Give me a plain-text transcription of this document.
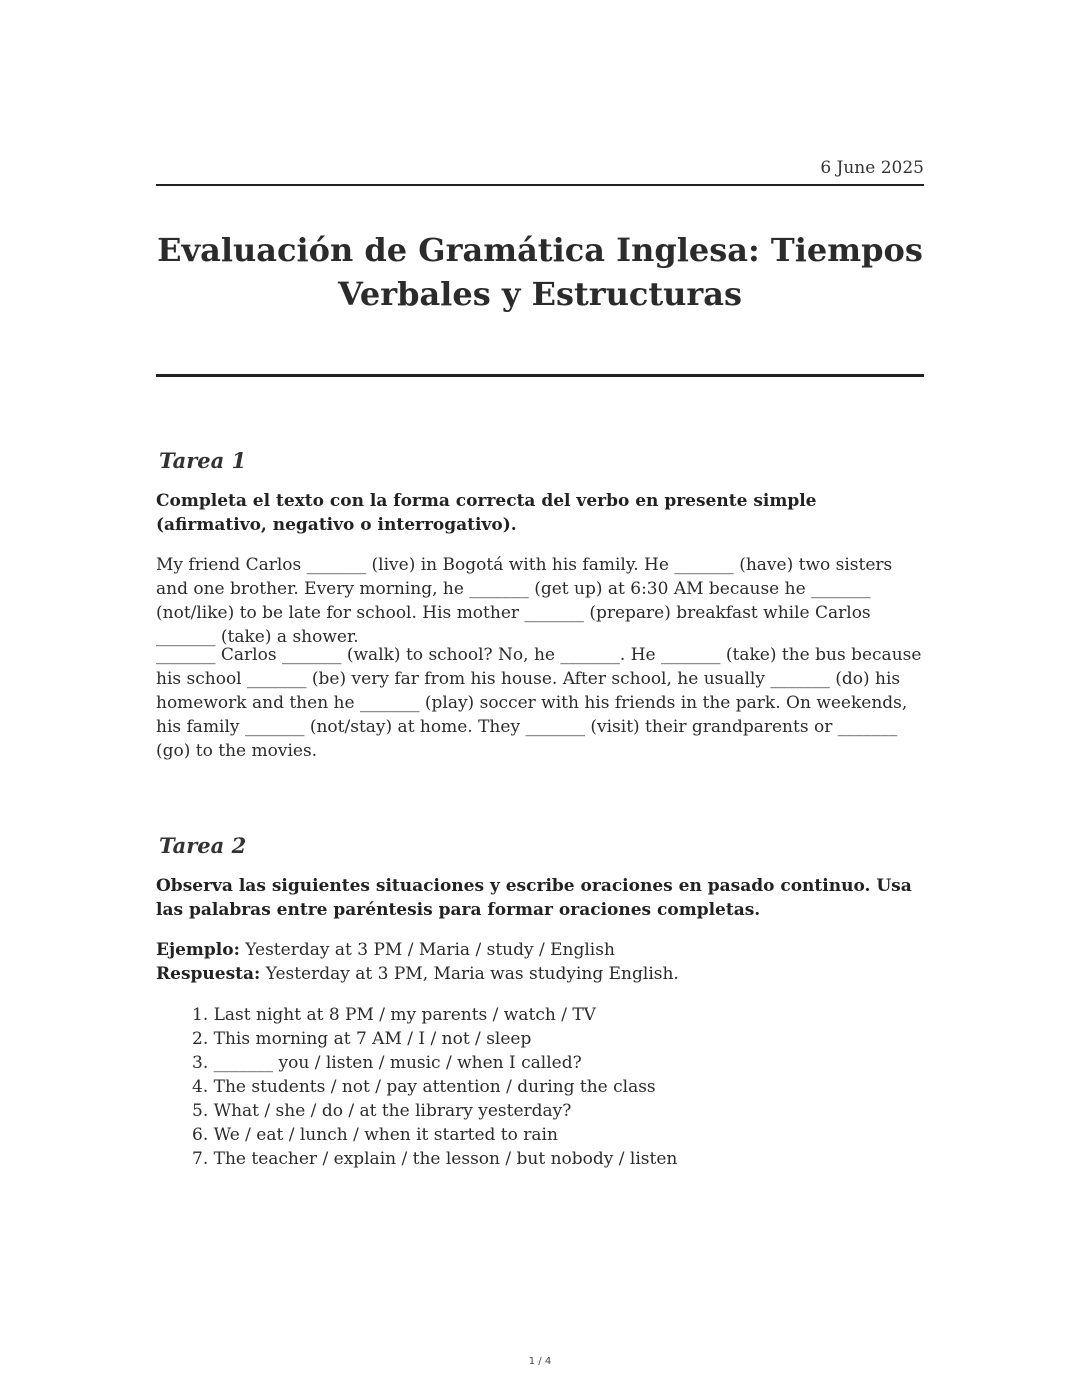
6 June 2025
Evaluación de Gramática Inglesa: Tiempos Verbales y Estructuras
Tarea 1
Completa el texto con la forma correcta del verbo en presente simple (afirmativo, negativo o interrogativo).
My friend Carlos _______ (live) in Bogotá with his family. He _______ (have) two sisters and one brother. Every morning, he _______ (get up) at 6:30 AM because he _______ (not/like) to be late for school. His mother _______ (prepare) breakfast while Carlos _______ (take) a shower.
_______ Carlos _______ (walk) to school? No, he _______. He _______ (take) the bus because his school _______ (be) very far from his house. After school, he usually _______ (do) his homework and then he _______ (play) soccer with his friends in the park. On weekends, his family _______ (not/stay) at home. They _______ (visit) their grandparents or _______ (go) to the movies.
Tarea 2
Observa las siguientes situaciones y escribe oraciones en pasado continuo. Usa las palabras entre paréntesis para formar oraciones completas.
Ejemplo: Yesterday at 3 PM / Maria / study / English
Respuesta: Yesterday at 3 PM, Maria was studying English.
1. Last night at 8 PM / my parents / watch / TV
2. This morning at 7 AM / I / not / sleep
3. _______ you / listen / music / when I called?
4. The students / not / pay attention / during the class
5. What / she / do / at the library yesterday?
6. We / eat / lunch / when it started to rain
7. The teacher / explain / the lesson / but nobody / listen
1 / 4
